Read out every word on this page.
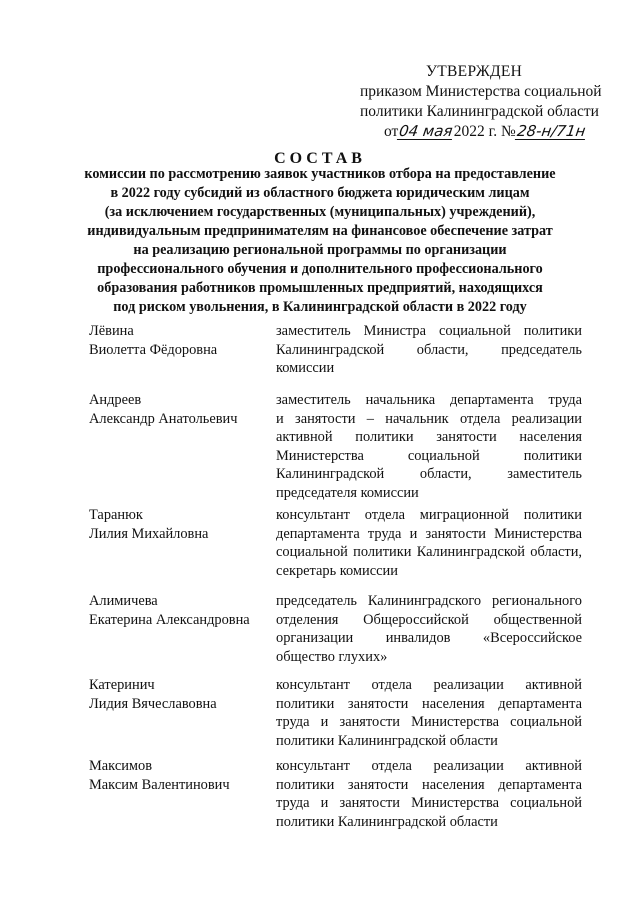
УТВЕРЖДЕН
приказом Министерства социальной
политики Калининградской области
от04 мая2022 г. №28-н/71н
СОСТАВ
комиссии по рассмотрению заявок участников отбора на предоставление
в 2022 году субсидий из областного бюджета юридическим лицам
(за исключением государственных (муниципальных) учреждений),
индивидуальным предпринимателям на финансовое обеспечение затрат
на реализацию региональной программы по организации
профессионального обучения и дополнительного профессионального
образования работников промышленных предприятий, находящихся
под риском увольнения, в Калининградской области в 2022 году
Лёвина
Виолетта Фёдоровна
заместитель Министра социальной политики
Калининградской области, председатель
комиссии
Андреев
Александр Анатольевич
заместитель начальника департамента труда
и занятости – начальник отдела реализации
активной политики занятости населения
Министерства социальной политики
Калининградской области, заместитель
председателя комиссии
Таранюк
Лилия Михайловна
консультант отдела миграционной политики
департамента труда и занятости Министерства
социальной политики Калининградской области,
секретарь комиссии
Алимичева
Екатерина Александровна
председатель Калининградского регионального
отделения Общероссийской общественной
организации инвалидов «Всероссийское
общество глухих»
Катеринич
Лидия Вячеславовна
консультант отдела реализации активной
политики занятости населения департамента
труда и занятости Министерства социальной
политики Калининградской области
Максимов
Максим Валентинович
консультант отдела реализации активной
политики занятости населения департамента
труда и занятости Министерства социальной
политики Калининградской области
